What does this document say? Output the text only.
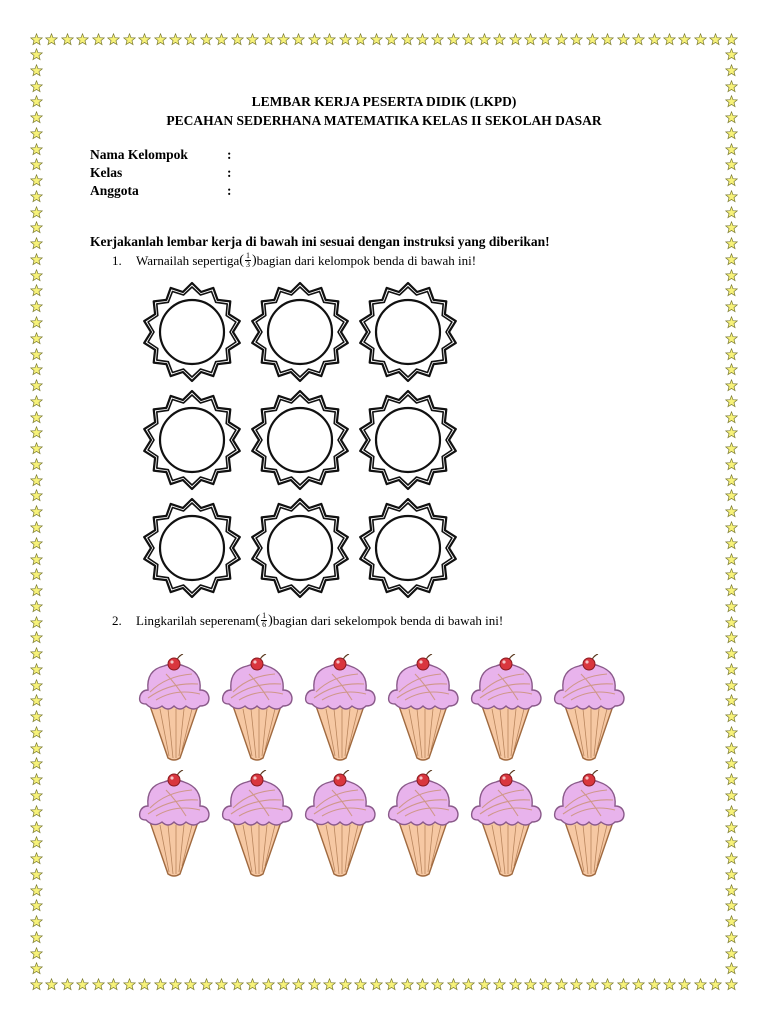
LEMBAR KERJA PESERTA DIDIK (LKPD)
PECAHAN SEDERHANA MATEMATIKA KELAS II SEKOLAH DASAR
Nama Kelompok	:
Kelas	:
Anggota	:
Kerjakanlah lembar kerja di bawah ini sesuai dengan instruksi yang diberikan!
1.	Warnailah sepertiga ( $\frac{1}{3}$ ) bagian dari kelompok benda di bawah ini!
2.	Lingkarilah seperenam ( $\frac{1}{6}$ ) bagian dari sekelompok benda di bawah ini!
